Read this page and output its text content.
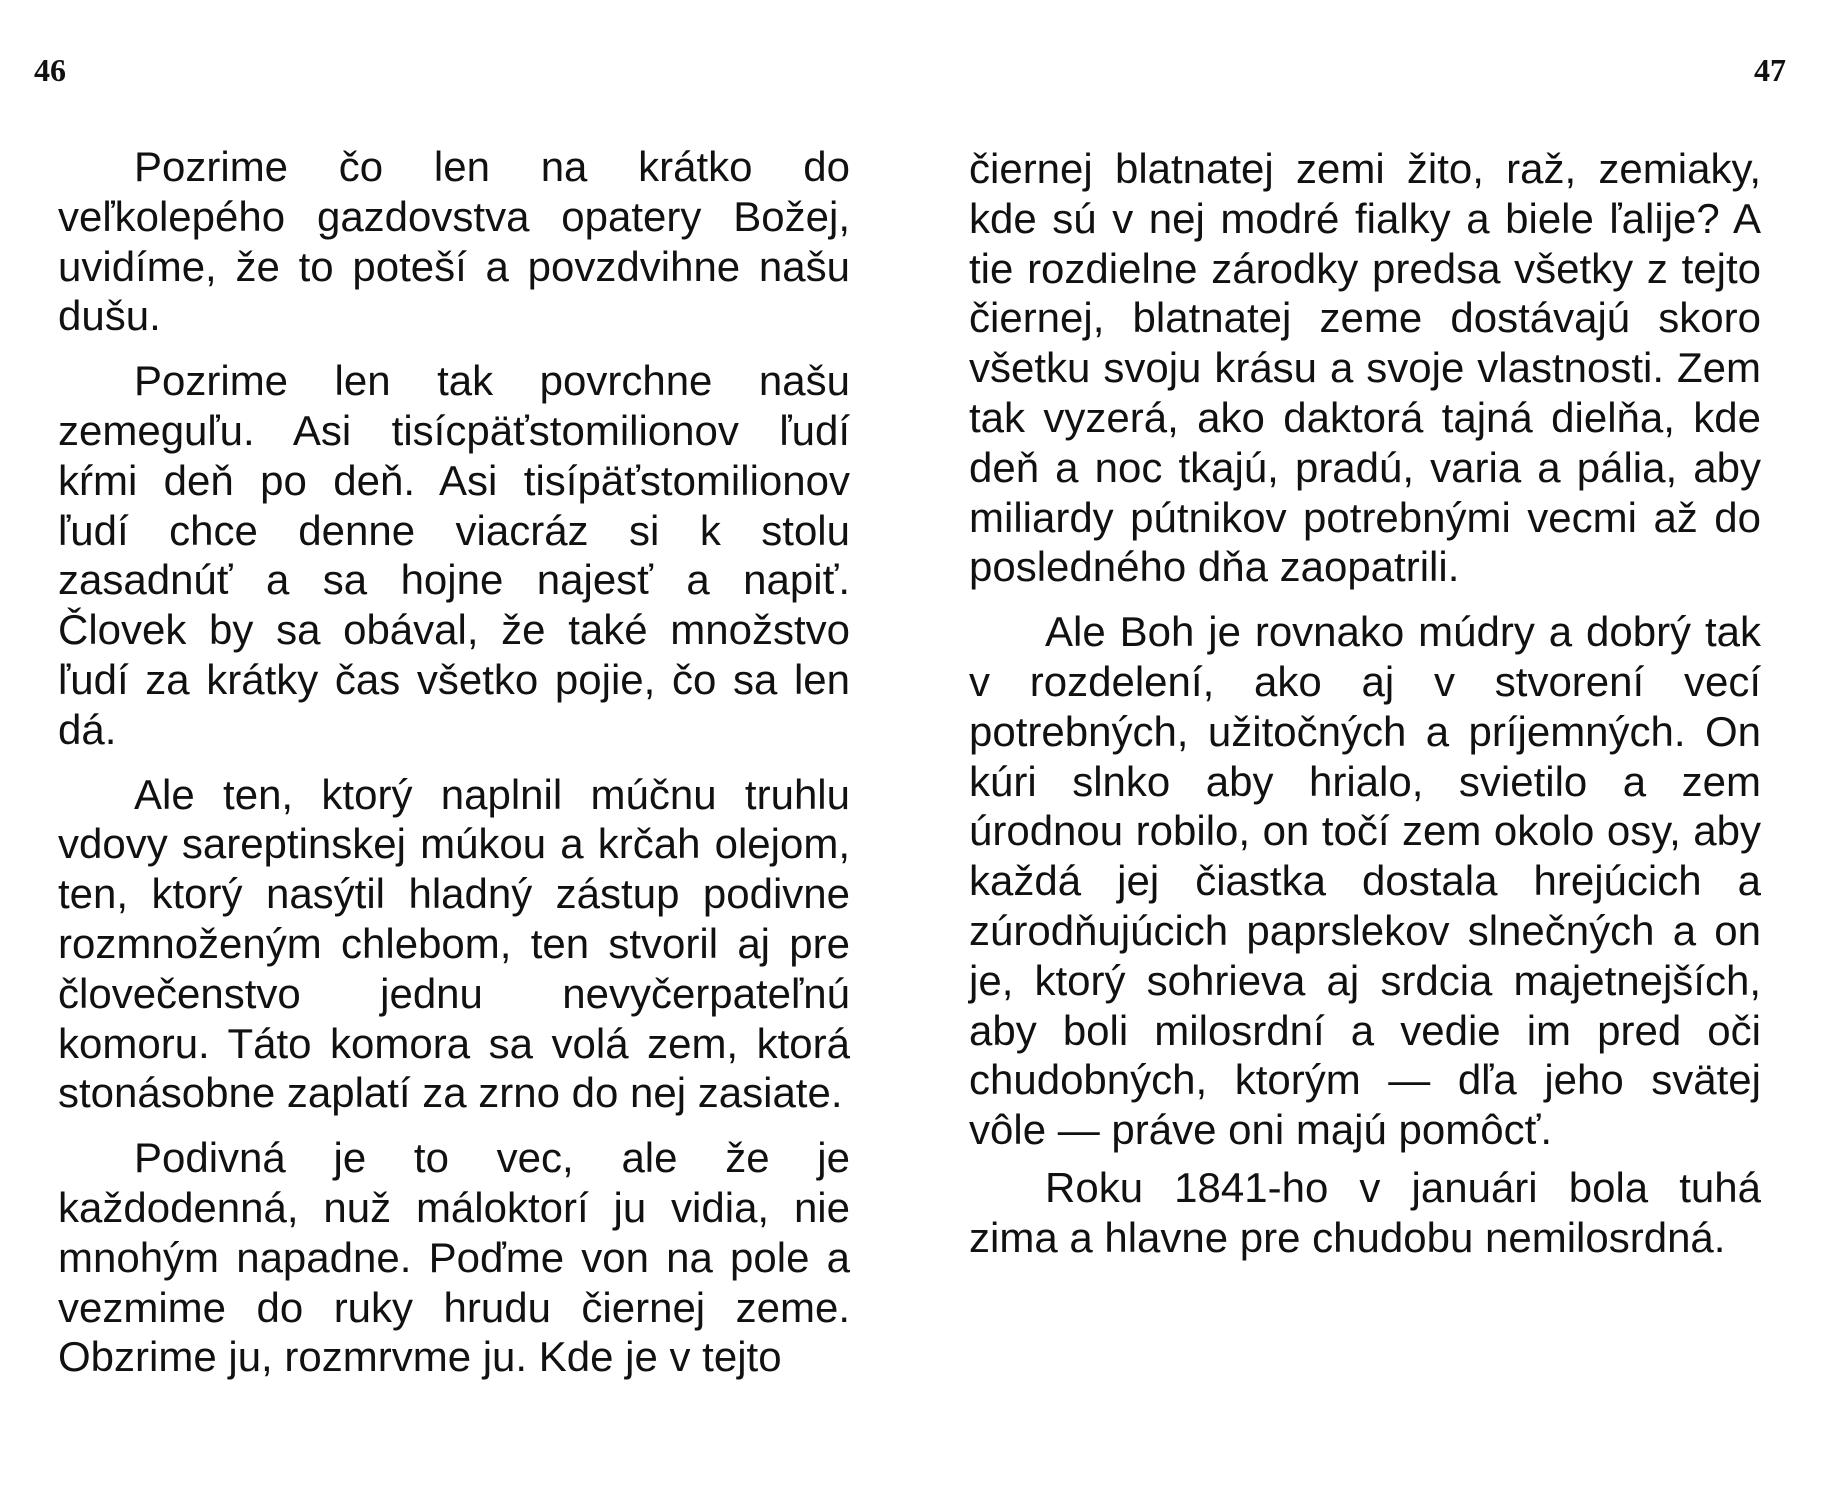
46

Pozrime čo len na krátko do veľkolepého gazdovstva opatery Božej, uvidíme, že to poteší a povzdvihne našu dušu.

Pozrime len tak povrchne našu zemeguľu. Asi tisícpäťstomilionov ľudí kŕmi deň po deň. Asi tisípäťstomilionov ľudí chce denne viacráz si k stolu zasadnúť a sa hojne najesť a napiť. Človek by sa obával, že také množstvo ľudí za krátky čas všetko pojie, čo sa len dá.

Ale ten, ktorý naplnil múčnu truhlu vdovy sareptinskej múkou a krčah olejom, ten, ktorý nasýtil hladný zástup podivne rozmnoženým chlebom, ten stvoril aj pre človečenstvo jednu nevyčerpateľnú komoru. Táto komora sa volá zem, ktorá stonásobne zaplatí za zrno do nej zasiate.

Podivná je to vec, ale že je každodenná, nuž máloktorí ju vidia, nie mnohým napadne. Poďme von na pole a vezmime do ruky hrudu čiernej zeme. Obzrime ju, rozmrvme ju. Kde je v tejto

47

čiernej blatnatej zemi žito, raž, zemiaky, kde sú v nej modré fialky a biele ľalije? A tie rozdielne zárodky predsa všetky z tejto čiernej, blatnatej zeme dostávajú skoro všetku svoju krásu a svoje vlastnosti. Zem tak vyzerá, ako daktorá tajná dielňa, kde deň a noc tkajú, pradú, varia a pália, aby miliardy pútnikov potrebnými vecmi až do posledného dňa zaopatrili.

Ale Boh je rovnako múdry a dobrý tak v rozdelení, ako aj v stvorení vecí potrebných, užitočných a príjemných. On kúri slnko aby hrialo, svietilo a zem úrodnou robilo, on točí zem okolo osy, aby každá jej čiastka dostala hrejúcich a zúrodňujúcich paprslekov slnečných a on je, ktorý sohrieva aj srdcia majetnejších, aby boli milosrdní a vedie im pred oči chudobných, ktorým — dľa jeho svätej vôle — práve oni majú pomôcť.

Roku 1841-ho v januári bola tuhá zima a hlavne pre chudobu nemilosrdná.
